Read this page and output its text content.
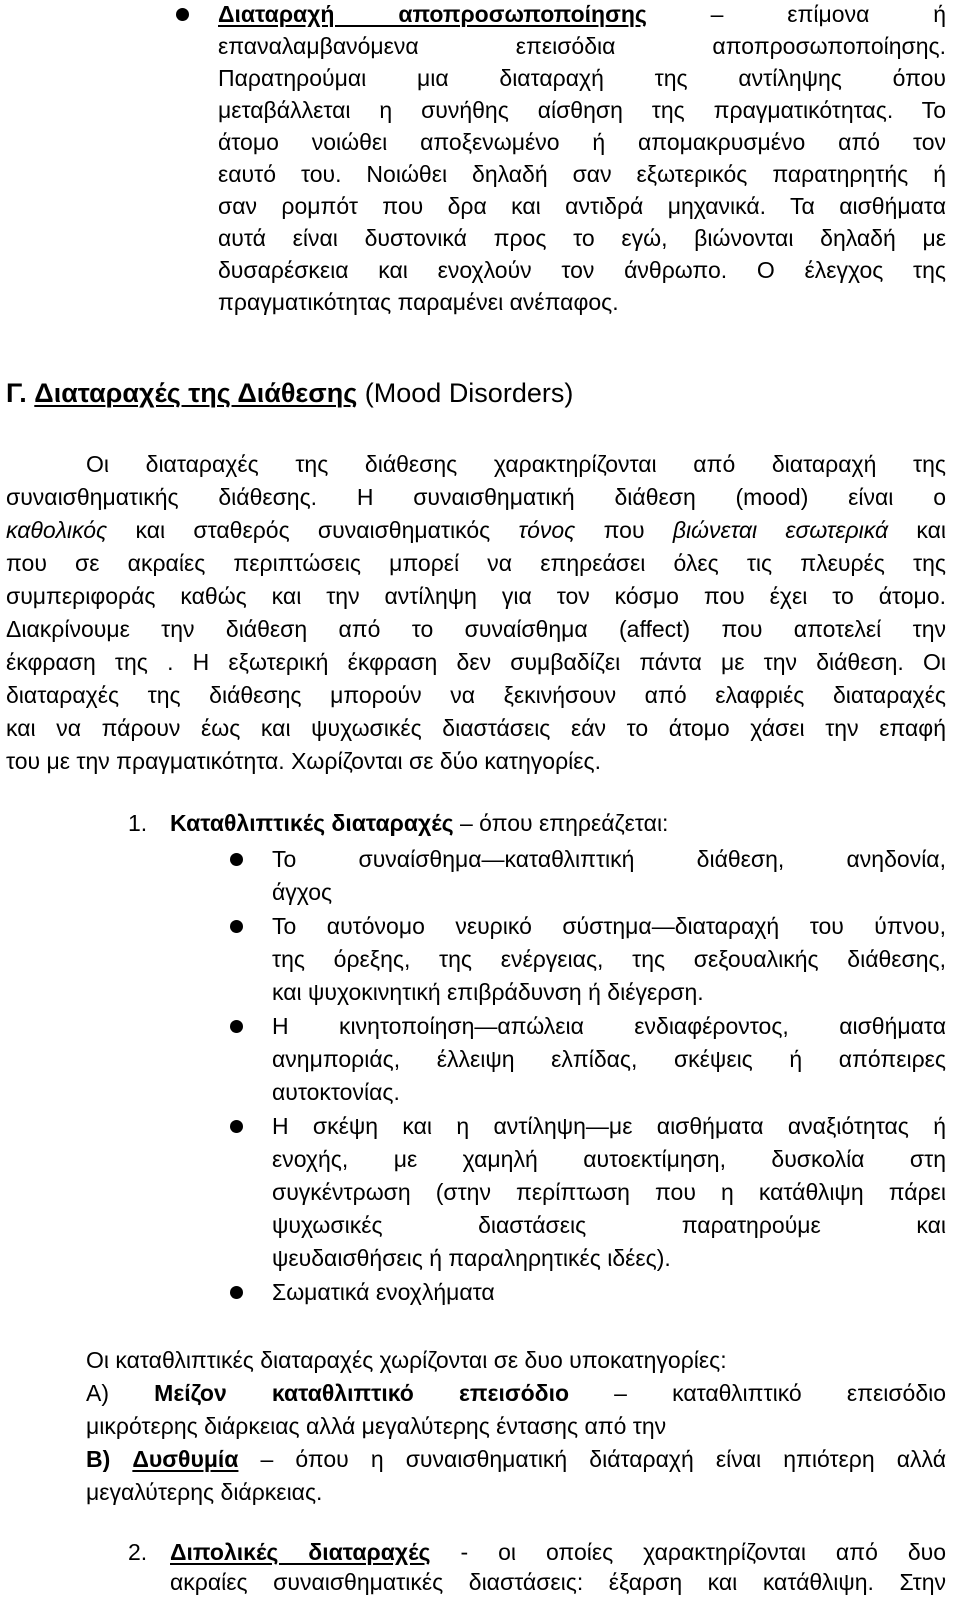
Διαταραχή αποπροσωποποίησης	– επίμονα ή
επαναλαμβανόμενα επεισόδια αποπροσωποποίησης.
Παρατηρούμαι μια διαταραχή της αντίληψης όπου
μεταβάλλεται η συνήθης αίσθηση της πραγματικότητας. Το
άτομο νοιώθει αποξενωμένο ή απομακρυσμένο από τον
εαυτό του. Νοιώθει δηλαδή σαν εξωτερικός παρατηρητής ή
σαν ρομπότ που δρα και αντιδρά μηχανικά. Τα αισθήματα
αυτά είναι δυστονικά προς το εγώ, βιώνονται δηλαδή με
δυσαρέσκεια και ενοχλούν τον άνθρωπο. Ο έλεγχος της
πραγματικότητας παραμένει ανέπαφος.
Γ. Διαταραχές της Διάθεσης (Mood Disorders)
Οι διαταραχές της διάθεσης χαρακτηρίζονται από διαταραχή της
συναισθηματικής διάθεσης. Η συναισθηματική διάθεση (mood) είναι ο
καθολικός και σταθερός συναισθηματικός τόνος που βιώνεται εσωτερικά και
που σε ακραίες περιπτώσεις μπορεί να επηρεάσει όλες τις πλευρές της
συμπεριφοράς καθώς και την αντίληψη για τον κόσμο που έχει το άτομο.
Διακρίνουμε την διάθεση από το συναίσθημα (affect) που αποτελεί την
έκφραση της . Η εξωτερική έκφραση δεν συμβαδίζει πάντα με την διάθεση. Οι
διαταραχές της διάθεσης μπορούν να ξεκινήσουν από ελαφριές διαταραχές
και να πάρουν έως και ψυχωσικές διαστάσεις εάν το άτομο χάσει την επαφή
του με την πραγματικότητα. Χωρίζονται σε δύο κατηγορίες.
1. Καταθλιπτικές διαταραχές – όπου επηρεάζεται:
Το συναίσθημα—καταθλιπτική διάθεση, ανηδονία,
άγχος
Το αυτόνομο νευρικό σύστημα—διαταραχή του ύπνου,
της όρεξης, της ενέργειας, της σεξουαλικής διάθεσης,
και ψυχοκινητική επιβράδυνση ή διέγερση.
Η κινητοποίηση—απώλεια ενδιαφέροντος, αισθήματα
ανημποριάς, έλλειψη ελπίδας, σκέψεις ή απόπειρες
αυτοκτονίας.
Η σκέψη και η αντίληψη—με αισθήματα αναξιότητας ή
ενοχής, με χαμηλή αυτοεκτίμηση, δυσκολία στη
συγκέντρωση (στην περίπτωση που η κατάθλιψη πάρει
ψυχωσικές διαστάσεις παρατηρούμε και
ψευδαισθήσεις ή παραληρητικές ιδέες).
Σωματικά ενοχλήματα
Οι καταθλιπτικές διαταραχές χωρίζονται σε δυο υποκατηγορίες:
Α) Μείζον καταθλιπτικό επεισόδιο – καταθλιπτικό επεισόδιο
μικρότερης διάρκειας αλλά μεγαλύτερης έντασης από την
Β) Δυσθυμία – όπου η συναισθηματική διάταραχή είναι ηπιότερη αλλά
μεγαλύτερης διάρκειας.
2. Διπολικές διαταραχές - οι οποίες χαρακτηρίζονται από δυο
ακραίες συναισθηματικές διαστάσεις: έξαρση και κατάθλιψη. Στην
